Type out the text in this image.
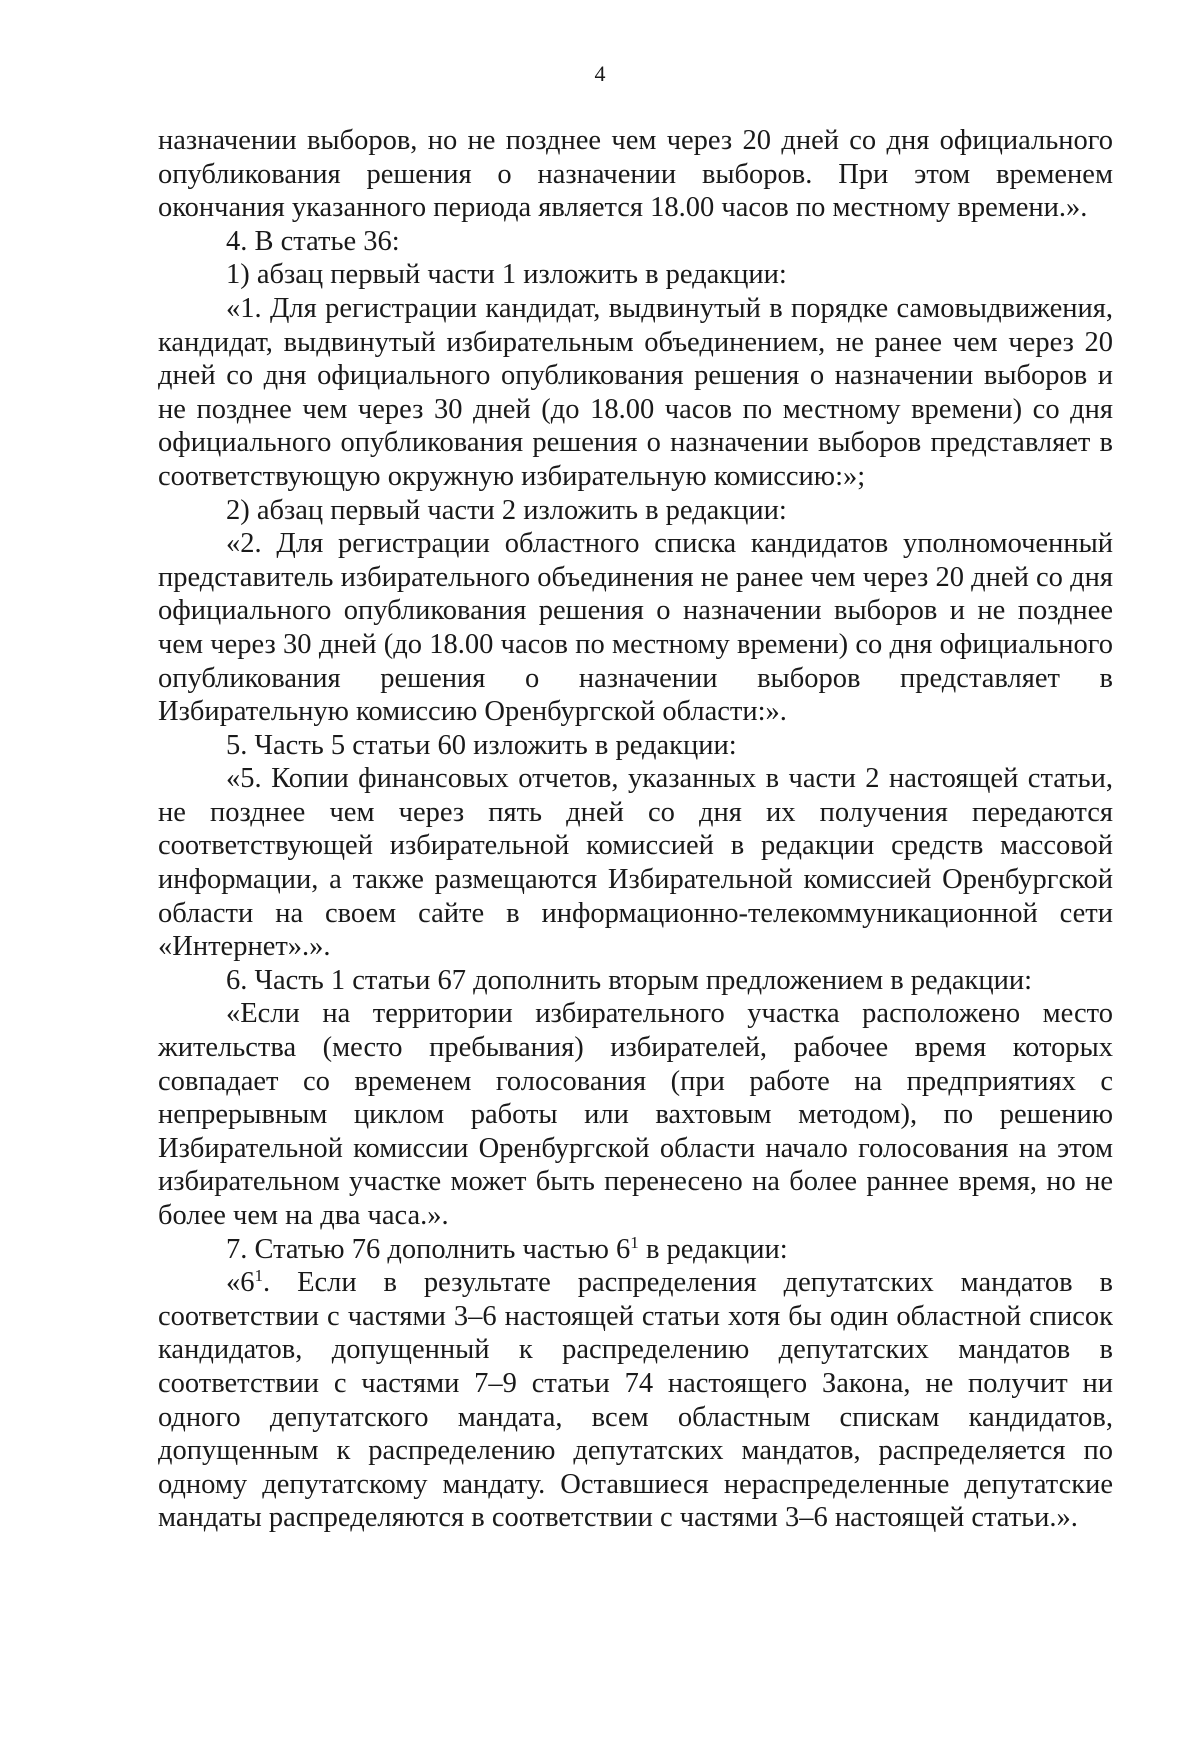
4

назначении выборов, но не позднее чем через 20 дней со дня официального опубликования решения о назначении выборов. При этом временем окончания указанного периода является 18.00 часов по местному времени.».

4. В статье 36:

1) абзац первый части 1 изложить в редакции:

«1. Для регистрации кандидат, выдвинутый в порядке самовыдвижения, кандидат, выдвинутый избирательным объединением, не ранее чем через 20 дней со дня официального опубликования решения о назначении выборов и не позднее чем через 30 дней (до 18.00 часов по местному времени) со дня официального опубликования решения о назначении выборов представляет в соответствующую окружную избирательную комиссию:»;

2) абзац первый части 2 изложить в редакции:

«2. Для регистрации областного списка кандидатов уполномоченный представитель избирательного объединения не ранее чем через 20 дней со дня официального опубликования решения о назначении выборов и не позднее чем через 30 дней (до 18.00 часов по местному времени) со дня официального опубликования решения о назначении выборов представляет в Избирательную комиссию Оренбургской области:».

5. Часть 5 статьи 60 изложить в редакции:

«5. Копии финансовых отчетов, указанных в части 2 настоящей статьи, не позднее чем через пять дней со дня их получения передаются соответствующей избирательной комиссией в редакции средств массовой информации, а также размещаются Избирательной комиссией Оренбургской области на своем сайте в информационно-телекоммуникационной сети «Интернет».».

6. Часть 1 статьи 67 дополнить вторым предложением в редакции:

«Если на территории избирательного участка расположено место жительства (место пребывания) избирателей, рабочее время которых совпадает со временем голосования (при работе на предприятиях с непрерывным циклом работы или вахтовым методом), по решению Избирательной комиссии Оренбургской области начало голосования на этом избирательном участке может быть перенесено на более раннее время, но не более чем на два часа.».

7. Статью 76 дополнить частью $6^1$ в редакции:

«$6^1$. Если в результате распределения депутатских мандатов в соответствии с частями 3–6 настоящей статьи хотя бы один областной список кандидатов, допущенный к распределению депутатских мандатов в соответствии с частями 7–9 статьи 74 настоящего Закона, не получит ни одного депутатского мандата, всем областным спискам кандидатов, допущенным к распределению депутатских мандатов, распределяется по одному депутатскому мандату. Оставшиеся нераспределенные депутатские мандаты распределяются в соответствии с частями 3–6 настоящей статьи.».
